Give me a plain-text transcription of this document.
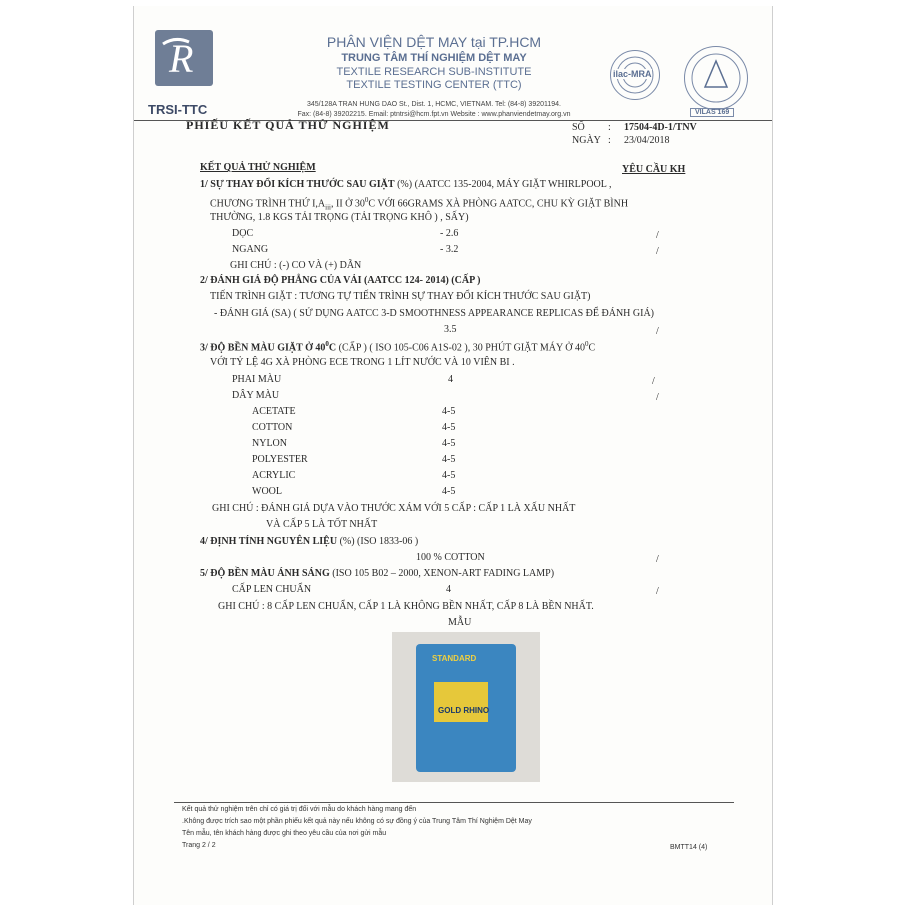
R
TRSI-TTC
PHÂN VIỆN DỆT MAY tại TP.HCM
TRUNG TÂM THÍ NGHIỆM DỆT MAY
TEXTILE RESEARCH SUB-INSTITUTE
TEXTILE TESTING CENTER (TTC)
345/128A TRAN HUNG DAO St., Dist. 1, HCMC, VIETNAM. Tel: (84-8) 39201194.
Fax: (84-8) 39202215. Email: ptntrsi@hcm.fpt.vn Website : www.phanviendetmay.org.vn
ilac-MRA
VILAS 169
PHIẾU KẾT QUẢ THỬ NGHIỆM	SỐ : 17504-4D-1/TNV
NGÀY : 23/04/2018
KẾT QUẢ THỬ NGHIỆM	YÊU CẦU KH
1/ SỰ THAY ĐỔI KÍCH THƯỚC SAU GIẶT (%) (AATCC 135-2004, MÁY GIẶT WHIRLPOOL ,
CHƯƠNG TRÌNH THỨ $I,A_{iii}$, II Ở $30^0C$ VỚI 66GRAMS XÀ PHÒNG AATCC, CHU KỲ GIẶT BÌNH
THƯỜNG, 1.8 KGS TẢI TRỌNG (TẢI TRỌNG KHÔ ) , SẤY)
DỌC	- 2.6	/
NGANG	- 3.2	/
GHI CHÚ : (-) CO VÀ (+) DÃN
2/ ĐÁNH GIÁ ĐỘ PHẲNG CỦA VẢI (AATCC 124- 2014) (CẤP )
TIẾN TRÌNH GIẶT : TƯƠNG TỰ TIẾN TRÌNH SỰ THAY ĐỔI KÍCH THƯỚC SAU GIẶT)
- ĐÁNH GIÁ (SA) ( SỬ DỤNG AATCC 3-D SMOOTHNESS APPEARANCE REPLICAS ĐỂ ĐÁNH GIÁ)
3.5	/
3/ ĐỘ BỀN MÀU GIẶT Ở $40^0C$ (CẤP ) ( ISO 105-C06 A1S-02 ), 30 PHÚT GIẶT MÁY Ở $40^0C$
VỚI TỶ LỆ 4G XÀ PHÒNG ECE TRONG 1 LÍT NƯỚC VÀ 10 VIÊN BI .
PHAI MÀU	4	/
DÂY MÀU	/
ACETATE	4-5
COTTON	4-5
NYLON	4-5
POLYESTER	4-5
ACRYLIC	4-5
WOOL	4-5
GHI CHÚ : ĐÁNH GIÁ DỰA VÀO THƯỚC XÁM VỚI 5 CẤP : CẤP 1 LÀ XẤU NHẤT
VÀ CẤP 5 LÀ TỐT NHẤT
4/ ĐỊNH TÍNH NGUYÊN LIỆU (%) (ISO 1833-06 )
100 % COTTON	/
5/ ĐỘ BỀN MÀU ÁNH SÁNG (ISO 105 B02 – 2000, XENON-ART FADING LAMP)
CẤP LEN CHUẨN	4	/
GHI CHÚ : 8 CẤP LEN CHUẨN, CẤP 1 LÀ KHÔNG BỀN NHẤT, CẤP 8 LÀ BỀN NHẤT.
MẪU
STANDARD
GOLD RHINO
Kết quả thử nghiệm trên chỉ có giá trị đối với mẫu do khách hàng mang đến
.Không được trích sao một phần phiếu kết quả này nếu không có sự đồng ý của Trung Tâm Thí Nghiệm Dệt May
Tên mẫu, tên khách hàng được ghi theo yêu cầu của nơi gửi mẫu
Trang 2 / 2	BMTT14 (4)
